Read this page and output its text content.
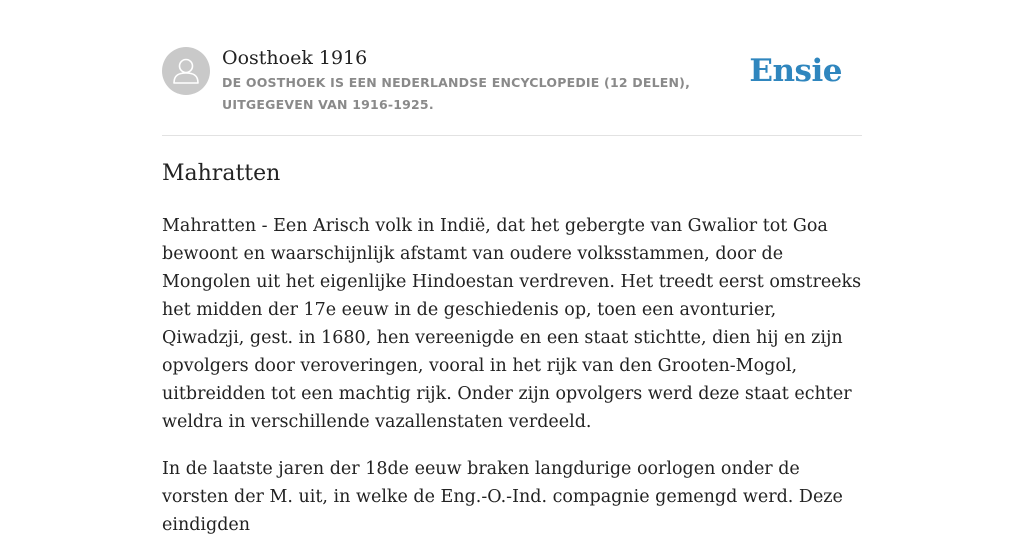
Oosthoek 1916
DE OOSTHOEK IS EEN NEDERLANDSE ENCYCLOPEDIE (12 DELEN), UITGEGEVEN VAN 1916-1925.
Ensie
Mahratten

Mahratten - Een Arisch volk in Indië, dat het gebergte van Gwalior tot Goa bewoont en waarschijnlijk afstamt van oudere volksstammen, door de Mongolen uit het eigenlijke Hindoestan verdreven. Het treedt eerst omstreeks het midden der 17e eeuw in de geschiedenis op, toen een avonturier, Qiwadzji, gest. in 1680, hen vereenigde en een staat stichtte, dien hij en zijn opvolgers door veroveringen, vooral in het rijk van den Grooten-Mogol, uitbreidden tot een machtig rijk. Onder zijn opvolgers werd deze staat echter weldra in verschillende vazallenstaten verdeeld.

In de laatste jaren der 18de eeuw braken langdurige oorlogen onder de vorsten der M. uit, in welke de Eng.-O.-Ind. compagnie gemengd werd. Deze eindigden
